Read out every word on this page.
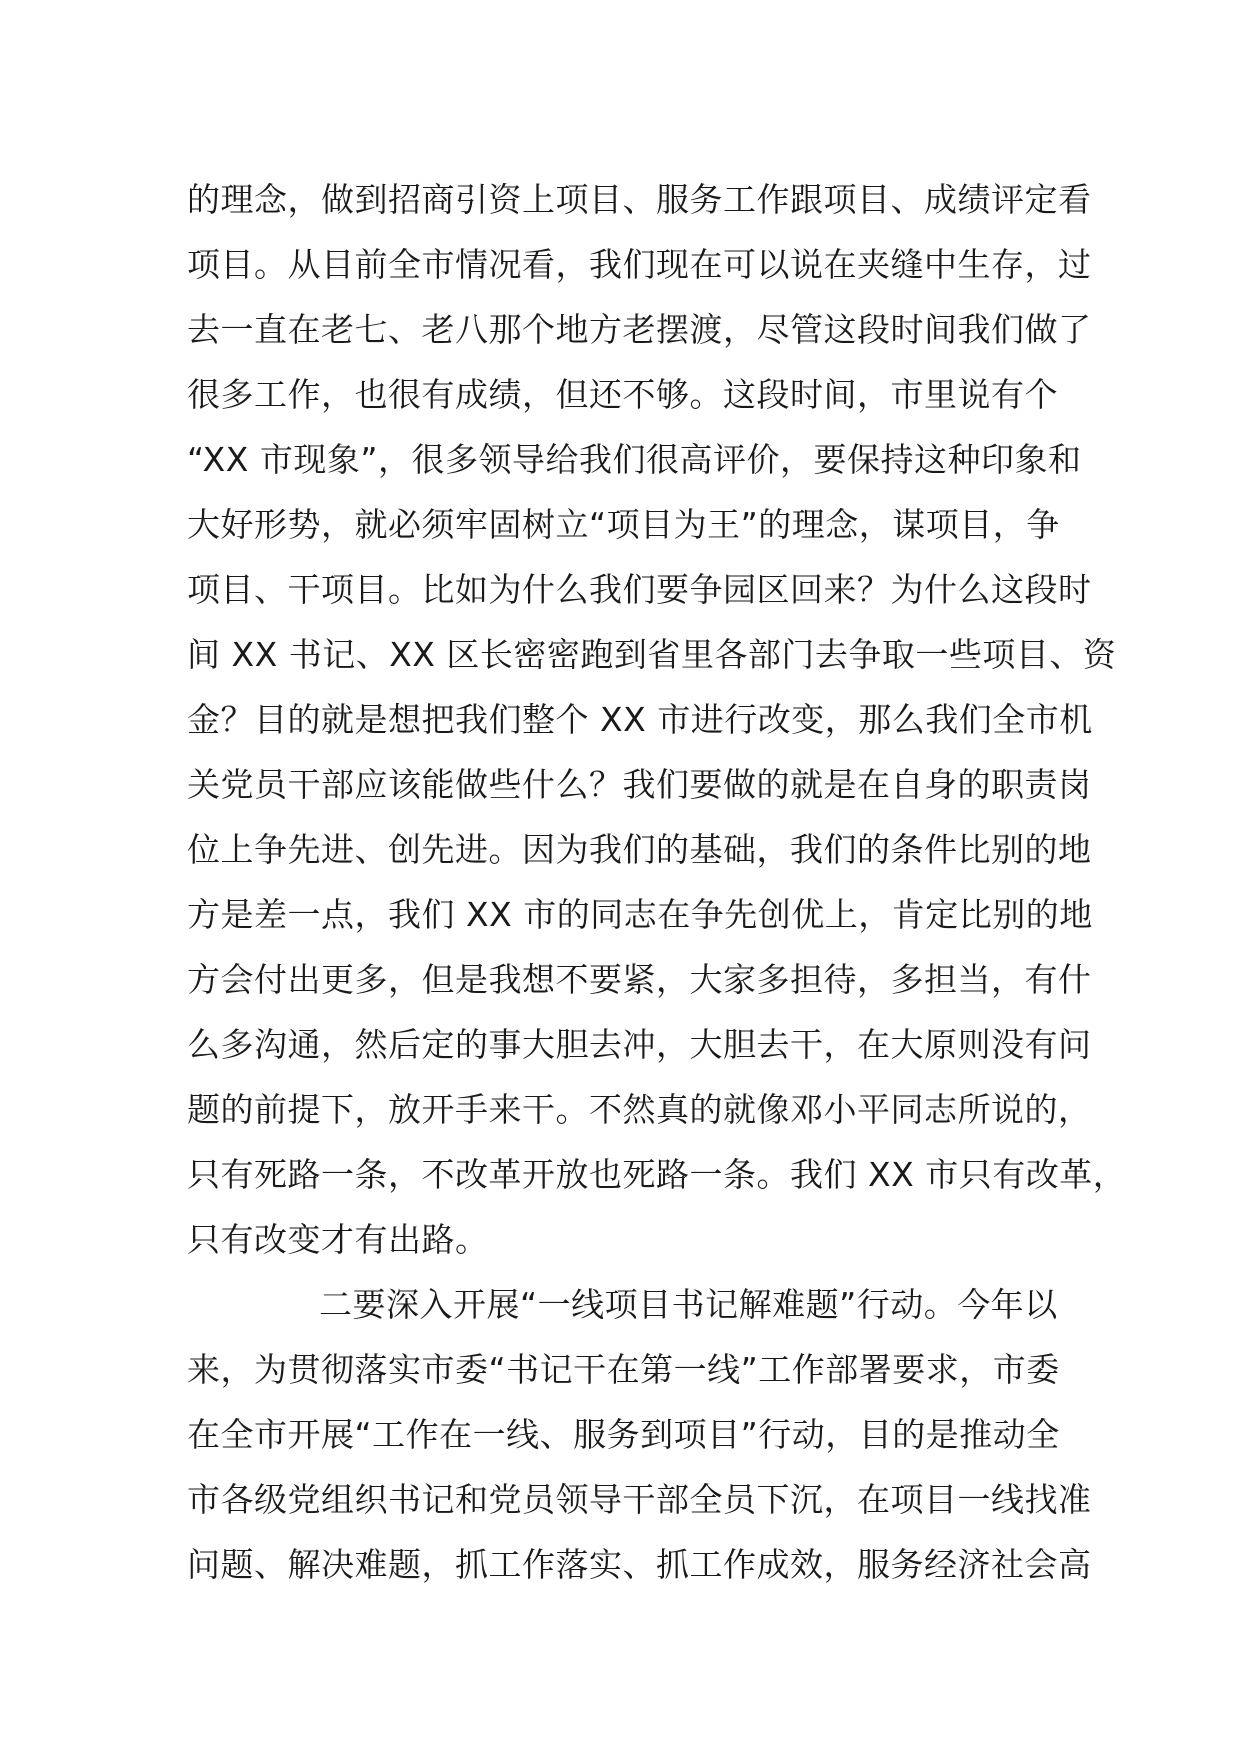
的理念，做到招商引资上项目、服务工作跟项目、成绩评定看
项目。从目前全市情况看，我们现在可以说在夹缝中生存，过
去一直在老七、老八那个地方老摆渡，尽管这段时间我们做了
很多工作，也很有成绩，但还不够。这段时间，市里说有个
“XX 市现象”，很多领导给我们很高评价，要保持这种印象和
大好形势，就必须牢固树立“项目为王”的理念，谋项目，争
项目、干项目。比如为什么我们要争园区回来？为什么这段时
间 XX 书记、XX 区长密密跑到省里各部门去争取一些项目、资
金？目的就是想把我们整个 XX 市进行改变，那么我们全市机
关党员干部应该能做些什么？我们要做的就是在自身的职责岗
位上争先进、创先进。因为我们的基础，我们的条件比别的地
方是差一点，我们 XX 市的同志在争先创优上，肯定比别的地
方会付出更多，但是我想不要紧，大家多担待，多担当，有什
么多沟通，然后定的事大胆去冲，大胆去干，在大原则没有问
题的前提下，放开手来干。不然真的就像邓小平同志所说的，
只有死路一条，不改革开放也死路一条。我们 XX 市只有改革，
只有改变才有出路。
二要深入开展“一线项目书记解难题”行动。今年以
来，为贯彻落实市委“书记干在第一线”工作部署要求，市委
在全市开展“工作在一线、服务到项目”行动，目的是推动全
市各级党组织书记和党员领导干部全员下沉，在项目一线找准
问题、解决难题，抓工作落实、抓工作成效，服务经济社会高
